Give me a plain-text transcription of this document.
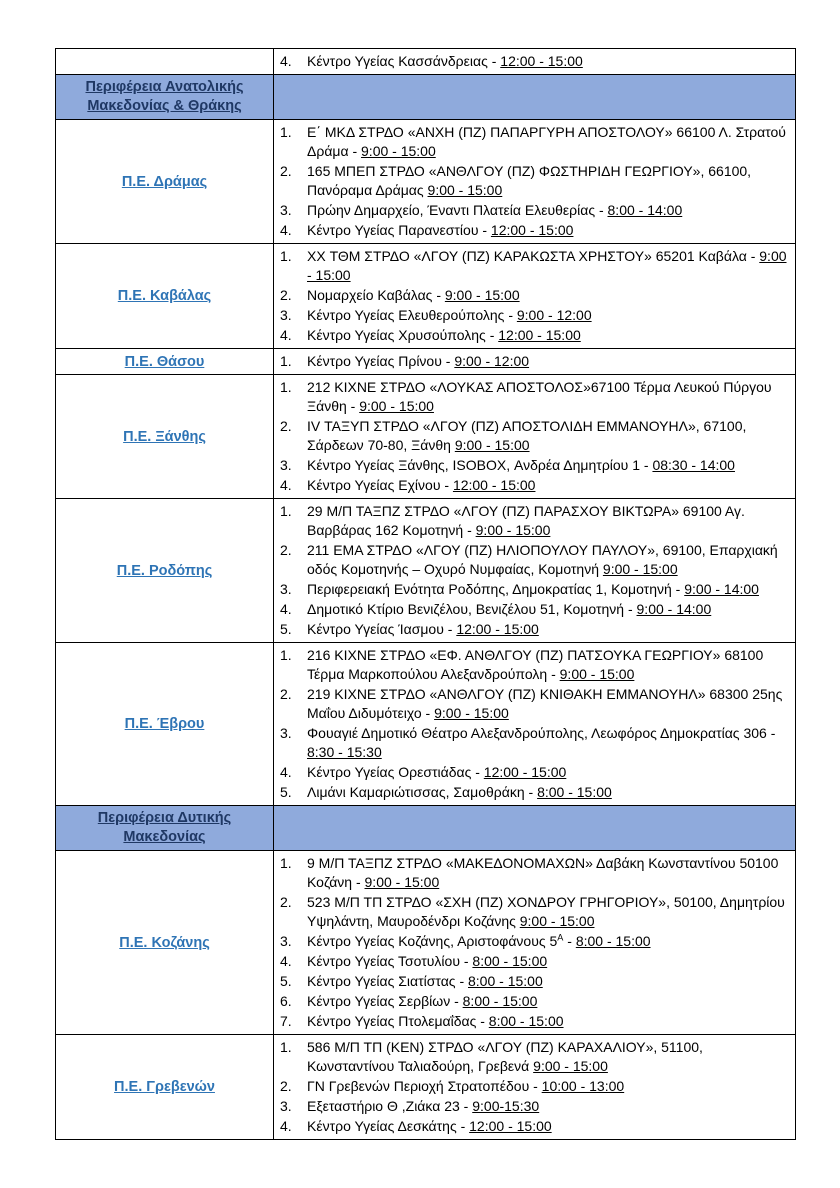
	4. Κέντρο Υγείας Κασσάνδρειας - 12:00 - 15:00

Περιφέρεια Ανατολικής Μακεδονίας & Θράκης	
Π.Ε. Δράμας	
1.	Ε΄ ΜΚΔ ΣΤΡΔΟ «ΑΝΧΗ (ΠΖ) ΠΑΠΑΡΓΥΡΗ ΑΠΟΣΤΟΛΟΥ» 66100 Λ. Στρατού Δράμα - 9:00 - 15:00
2.	165 ΜΠΕΠ ΣΤΡΔΟ «ΑΝΘΛΓΟΥ (ΠΖ) ΦΩΣΤΗΡΙΔΗ ΓΕΩΡΓΙΟΥ», 66100, Πανόραμα Δράμας 9:00 - 15:00
3.	Πρώην Δημαρχείο, Έναντι Πλατεία Ελευθερίας - 8:00 - 14:00
4.	Κέντρο Υγείας Παρανεστίου - 12:00 - 15:00

Π.Ε. Καβάλας	
1.	XX ΤΘΜ ΣΤΡΔΟ «ΛΓΟΥ (ΠΖ) ΚΑΡΑΚΩΣΤΑ ΧΡΗΣΤΟΥ» 65201 Καβάλα - 9:00 - 15:00
2.	Νομαρχείο Καβάλας - 9:00 - 15:00
3.	Κέντρο Υγείας Ελευθερούπολης - 9:00 - 12:00
4.	Κέντρο Υγείας Χρυσούπολης - 12:00 - 15:00

Π.Ε. Θάσου	1. Κέντρο Υγείας Πρίνου - 9:00 - 12:00

Π.Ε. Ξάνθης	
1.	212 ΚΙΧΝΕ ΣΤΡΔΟ «ΛΟΥΚΑΣ ΑΠΟΣΤΟΛΟΣ»67100 Τέρμα Λευκού Πύργου Ξάνθη - 9:00 - 15:00
2.	IV ΤΑΞΥΠ ΣΤΡΔΟ «ΛΓΟΥ (ΠΖ) ΑΠΟΣΤΟΛΙΔΗ ΕΜΜΑΝΟΥΗΛ», 67100, Σάρδεων 70-80, Ξάνθη 9:00 - 15:00
3.	Κέντρο Υγείας Ξάνθης, ISOBOX, Ανδρέα Δημητρίου 1 - 08:30 - 14:00
4.	Κέντρο Υγείας Εχίνου - 12:00 - 15:00

Π.Ε. Ροδόπης	
1.	29 Μ/Π ΤΑΞΠΖ ΣΤΡΔΟ «ΛΓΟΥ (ΠΖ) ΠΑΡΑΣΧΟΥ ΒΙΚΤΩΡΑ» 69100 Αγ. Βαρβάρας 162 Κομοτηνή - 9:00 - 15:00
2.	211 ΕΜΑ ΣΤΡΔΟ «ΛΓΟΥ (ΠΖ) ΗΛΙΟΠΟΥΛΟΥ ΠΑΥΛΟΥ», 69100, Επαρχιακή οδός Κομοτηνής – Οχυρό Νυμφαίας, Κομοτηνή 9:00 - 15:00
3.	Περιφερειακή Ενότητα Ροδόπης, Δημοκρατίας 1, Κομοτηνή - 9:00 - 14:00
4.	Δημοτικό Κτίριο Βενιζέλου, Βενιζέλου 51, Κομοτηνή - 9:00 - 14:00
5.	Κέντρο Υγείας Ίασμου - 12:00 - 15:00

Π.Ε. Έβρου	
1.	216 ΚΙΧΝΕ ΣΤΡΔΟ «ΕΦ. ΑΝΘΛΓΟΥ (ΠΖ) ΠΑΤΣΟΥΚΑ ΓΕΩΡΓΙΟΥ» 68100 Τέρμα Μαρκοπούλου Αλεξανδρούπολη - 9:00 - 15:00
2.	219 ΚΙΧΝΕ ΣΤΡΔΟ «ΑΝΘΛΓΟΥ (ΠΖ) ΚΝΙΘΑΚΗ ΕΜΜΑΝΟΥΗΛ» 68300 25ης Μαΐου Διδυμότειχο - 9:00 - 15:00
3.	Φουαγιέ Δημοτικό Θέατρο Αλεξανδρούπολης, Λεωφόρος Δημοκρατίας 306 - 8:30 - 15:30
4.	Κέντρο Υγείας Ορεστιάδας - 12:00 - 15:00
5.	Λιμάνι Καμαριώτισσας, Σαμοθράκη - 8:00 - 15:00

Περιφέρεια Δυτικής Μακεδονίας	
Π.Ε. Κοζάνης	
1.	9 Μ/Π ΤΑΞΠΖ ΣΤΡΔΟ «ΜΑΚΕΔΟΝΟΜΑΧΩΝ» Δαβάκη Κωνσταντίνου 50100 Κοζάνη - 9:00 - 15:00
2.	523 Μ/Π ΤΠ ΣΤΡΔΟ «ΣΧΗ (ΠΖ) ΧΟΝΔΡΟΥ ΓΡΗΓΟΡΙΟΥ», 50100, Δημητρίου Υψηλάντη, Μαυροδένδρι Κοζάνης 9:00 - 15:00
3.	Κέντρο Υγείας Κοζάνης, Αριστοφάνους $5^A$ - 8:00 - 15:00
4.	Κέντρο Υγείας Τσοτυλίου - 8:00 - 15:00
5.	Κέντρο Υγείας Σιατίστας - 8:00 - 15:00
6.	Κέντρο Υγείας Σερβίων - 8:00 - 15:00
7.	Κέντρο Υγείας Πτολεμαΐδας - 8:00 - 15:00

Π.Ε. Γρεβενών	
1.	586 Μ/Π ΤΠ (ΚΕΝ) ΣΤΡΔΟ «ΛΓΟΥ (ΠΖ) ΚΑΡΑΧΑΛΙΟΥ», 51100, Κωνσταντίνου Ταλιαδούρη, Γρεβενά 9:00 - 15:00
2.	ΓΝ Γρεβενών Περιοχή Στρατοπέδου - 10:00 - 13:00
3.	Εξεταστήριο Θ ,Ζιάκα 23 - 9:00-15:30
4.	Κέντρο Υγείας Δεσκάτης - 12:00 - 15:00
